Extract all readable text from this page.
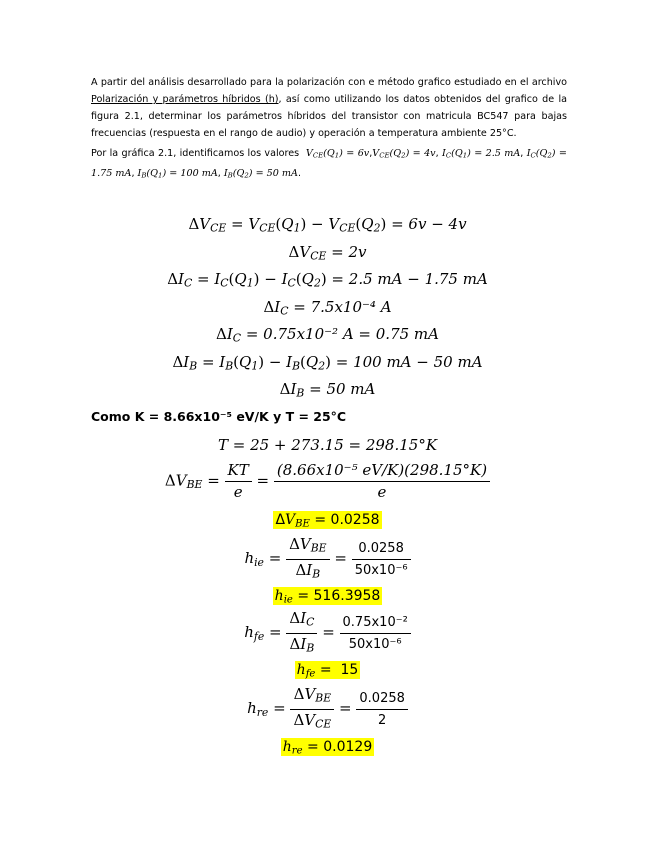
A partir del análisis desarrollado para la polarización con e método grafico estudiado en el archivo Polarización y parámetros híbridos (h), así como utilizando los datos obtenidos del grafico de la figura 2.1, determinar los parámetros híbridos del transistor con matricula BC547 para bajas frecuencias (respuesta en el rango de audio) y operación a temperatura ambiente 25°C.
Por la gráfica 2.1, identificamos los valores $V_{CE}(Q_1) = 6v,V_{CE}(Q_2) = 4v$, $I_C(Q_1) = 2.5$ mA, $I_C(Q_2) = 1.75$ mA, $I_B(Q_1) = 100$ mA, $I_B(Q_2) = 50$ mA.
$\Delta V_{CE} = V_{CE}(Q_1) - V_{CE}(Q_2) = 6v - 4v$
$\Delta V_{CE} = 2v$
$\Delta I_C = I_C(Q_1) - I_C(Q_2) = 2.5$ mA − 1.75 mA
$\Delta I_C = 7.5x10^{-4}$ A
$\Delta I_C = 0.75x10^{-2}$ A = 0.75 mA
$\Delta I_B = I_B(Q_1) - I_B(Q_2) = 100$ mA − 50 mA
$\Delta I_B = 50$ mA
Como K = 8.66x10⁻⁵ eV/K y T = 25°C
T = 25 + 273.15 = 298.15°K
$\Delta V_{BE} = \frac{KT}{e} = \frac{\text{(8.66x10⁻⁵ eV/K)(298.15°K)}}{e}$
$\Delta V_{BE} = 0.0258$
$h_{ie} = \frac{\Delta V_{BE}}{\Delta I_B} = \frac{0.0258}{\text{50x10⁻⁶}}$
$h_{ie} = 516.3958$
$h_{fe} = \frac{\Delta I_C}{\Delta I_B} = \frac{\text{0.75x10⁻²}}{\text{50x10⁻⁶}}$
$h_{fe} = 15$
$h_{re} = \frac{\Delta V_{BE}}{\Delta V_{CE}} = \frac{0.0258}{2}$
$h_{re} = 0.0129$
